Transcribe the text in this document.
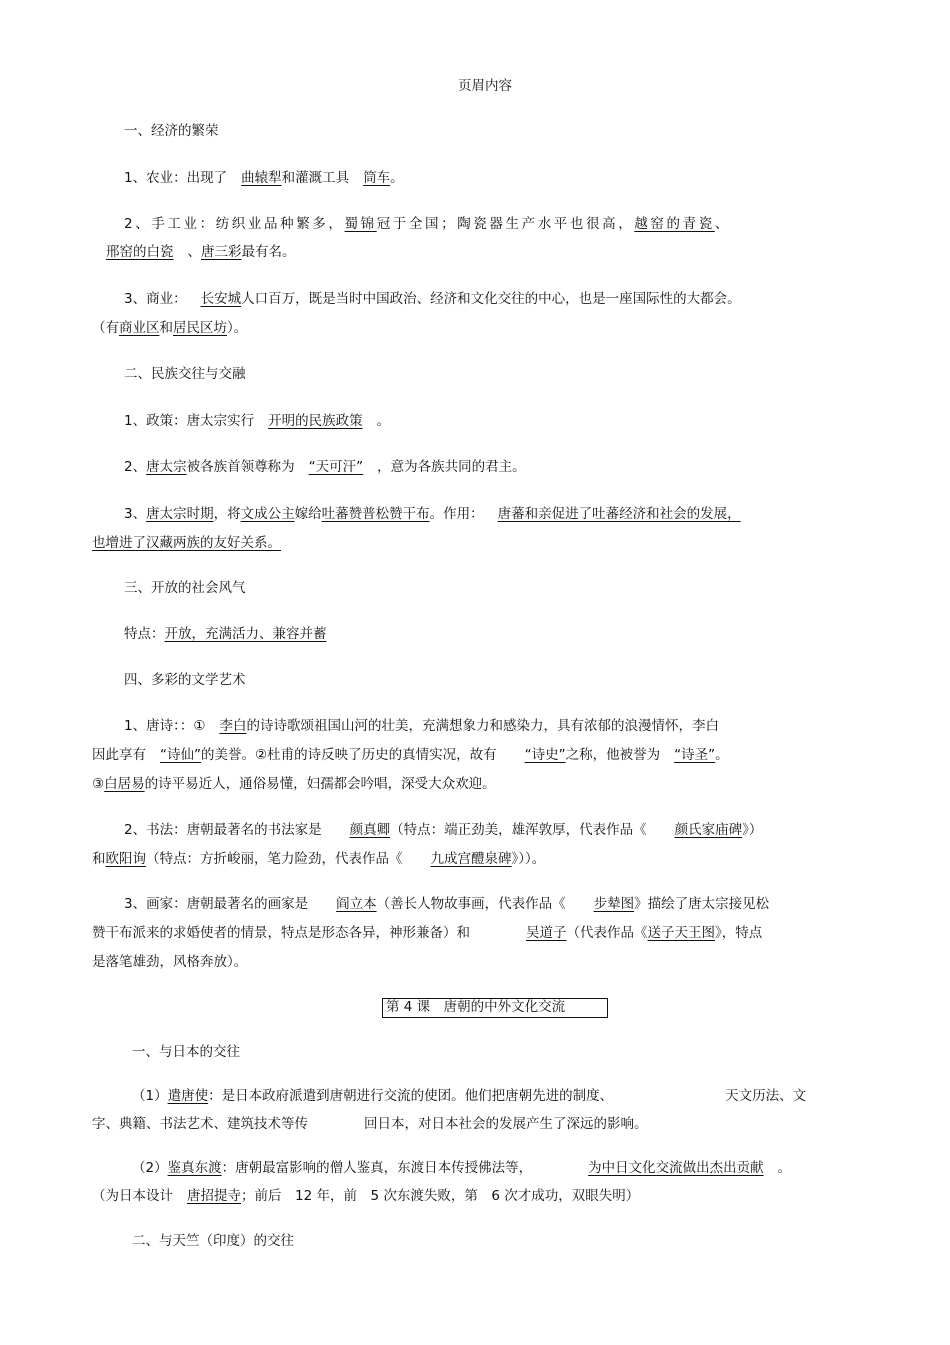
页眉内容
一、经济的繁荣
1、农业：出现了 曲辕犁和灌溉工具 筒车。
2、手工业：纺织业品种繁多，蜀锦冠于全国；陶瓷器生产水平也很高，越窑的青瓷、
邢窑的白瓷 、唐三彩最有名。
3、商业： 长安城人口百万，既是当时中国政治、经济和文化交往的中心，也是一座国际性的大都会。
（有商业区和居民区坊）。
二、民族交往与交融
1、政策：唐太宗实行 开明的民族政策 。
2、唐太宗被各族首领尊称为 “天可汗” ，意为各族共同的君主。
3、唐太宗时期，将文成公主嫁给吐蕃赞普松赞干布。作用： 唐蕃和亲促进了吐蕃经济和社会的发展，
也增进了汉藏两族的友好关系。
三、开放的社会风气
特点：开放，充满活力、兼容并蓄
四、多彩的文学艺术
1、唐诗：：① 李白的诗诗歌颂祖国山河的壮美，充满想象力和感染力，具有浓郁的浪漫情怀，李白
因此享有 “诗仙”的美誉。②杜甫的诗反映了历史的真情实况，故有 “诗史”之称，他被誉为 “诗圣”。
③白居易的诗平易近人，通俗易懂，妇孺都会吟唱，深受大众欢迎。
2、书法：唐朝最著名的书法家是 颜真卿（特点：端正劲美，雄浑敦厚，代表作品《 颜氏家庙碑》）
和欧阳询（特点：方折峻丽，笔力险劲，代表作品《 九成宫醴泉碑》））。
3、画家：唐朝最著名的画家是 阎立本（善长人物故事画，代表作品《 步辇图》描绘了唐太宗接见松
赞干布派来的求婚使者的情景，特点是形态各异，神形兼备）和	吴道子（代表作品《送子天王图》，特点
是落笔雄劲，风格奔放）。
第 4 课　唐朝的中外文化交流
一、与日本的交往
（1）遣唐使：是日本政府派遣到唐朝进行交流的使团。他们把唐朝先进的制度、	天文历法、文
字、典籍、书法艺术、建筑技术等传	回日本，对日本社会的发展产生了深远的影响。
（2）鉴真东渡：唐朝最富影响的僧人鉴真，东渡日本传授佛法等，	为中日文化交流做出杰出贡献 。
（为日本设计 唐招提寺；前后　12 年，前　5 次东渡失败，第　6 次才成功，双眼失明）
二、与天竺（印度）的交往
